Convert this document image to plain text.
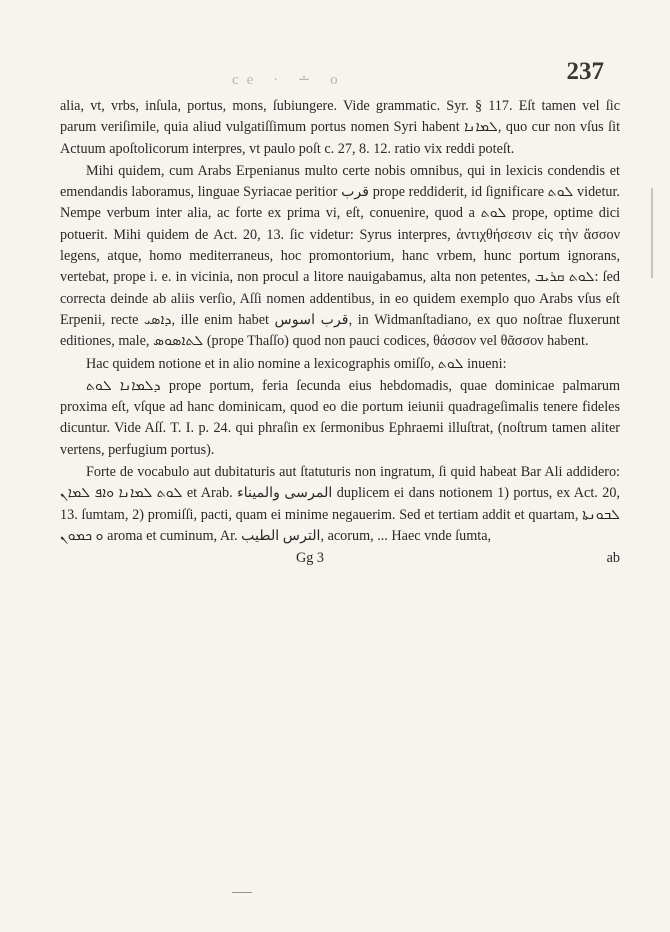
ce · ∸ o	237

alia, vt, vrbs, inſula, portus, mons, ſubiungere. Vide grammatic. Syr. § 117. Eſt tamen vel ſic parum veriſimile, quia aliud vulgatiſſimum portus nomen Syri habent ܠܡܐܢܐ, quo cur non vſus ſit Actuum apoſtolicorum interpres, vt paulo poſt c. 27, 8. 12. ratio vix reddi poteſt.

Mihi quidem, cum Arabs Erpenianus multo certe nobis omnibus, qui in lexicis condendis et emendandis laboramus, linguae Syriacae peritior قرب prope reddiderit, id ſignificare ܠܘܬ videtur. Nempe verbum inter alia, ac forte ex prima vi, eſt, conuenire, quod a ܠܘܬ prope, optime dici potuerit. Mihi quidem de Act. 20, 13. ſic videtur: Syrus interpres, ἀντιχθήσεσιν εἰς τὴν ἄσσον legens, atque, homo mediterraneus, hoc promontorium, hanc vrbem, hunc portum ignorans, vertebat, prope i. e. in vicinia, non procul a litore nauigabamus, alta non petentes, ܠܘܬ ܩܪܝܒ: ſed correcta deinde ab aliis verſio, Aſſi nomen addentibus, in eo quidem exemplo quo Arabs vſus eſt Erpenii, recte ܕܐܣܝ, ille enim habet قرب اسوس, in Widmanſtadiano, ex quo noſtrae fluxerunt editiones, male, ܠܬܐܣܘܣ (prope Thaſſo) quod non pauci codices, θάσσον vel θᾶσσον habent.

Hac quidem notione et in alio nomine a lexicographis omiſſo, ܠܘܬ inueni:

ܕܠܡܐܢܐ ܠܘܬ prope portum, feria ſecunda eius hebdomadis, quae dominicae palmarum proxima eſt, vſque ad hanc dominicam, quod eo die portum ieiunii quadrageſimalis tenere fideles dicuntur. Vide Aſſ. T. I. p. 24. qui phraſin ex ſermonibus Ephraemi illuſtrat, (noſtrum tamen aliter vertens, perfugium portus).

Forte de vocabulo aut dubitaturis aut ſtatuturis non ingratum, ſi quid habeat Bar Ali addidero: ܠܘܬ ܠܡܐܢܐ ܘܐܦ ܠܡܐܢ et Arab. المرسى والميناء duplicem ei dans notionem 1) portus, ex Act. 20, 13. ſumtam, 2) promiſſi, pacti, quam ei minime negauerim. Sed et tertiam addit et quartam, ܠܒܘܢܬܐ ܘ ܟܡܘܢ aroma et cuminum, Ar. الترس الطيب, acorum, ... Haec vnde ſumta,

Gg 3	ab
